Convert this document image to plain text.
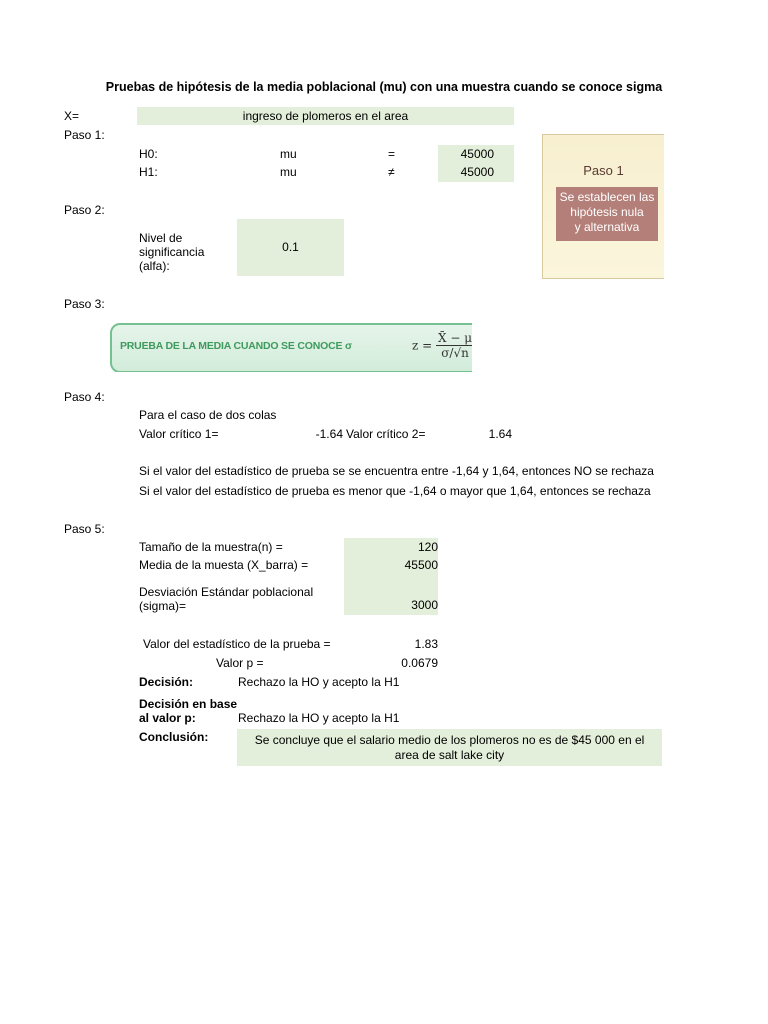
Pruebas de hipótesis de la media poblacional (mu) con una muestra cuando se conoce sigma
X=	ingreso de plomeros en el area
Paso 1:
H0:	mu	=	45000
H1:	mu	≠	45000	Paso 1
Se establecen las
hipótesis nula
y alternativa
Paso 2:
Nivel de
significancia
(alfa):
0.1
Paso 3:
PRUEBA DE LA MEDIA CUANDO SE CONOCE σ	$z = \frac{X̄ - \mu}{\sigma/√n}$
Paso 4:
Para el caso de dos colas
Valor crítico 1=	-1.64 Valor crítico 2=	1.64
Si el valor del estadístico de prueba se se encuentra entre -1,64 y 1,64, entonces NO se rechaza
Si el valor del estadístico de prueba es menor que -1,64 o mayor que 1,64, entonces se rechaza
Paso 5:
Tamaño de la muestra(n) =	120
Media de la muesta (X_barra) =	45500
Desviación Estándar poblacional
(sigma)=	3000
Valor del estadístico de la prueba =	1.83
Valor p =	0.0679
Decisión:	Rechazo la HO y acepto la H1
Decisión en base
al valor p:	Rechazo la HO y acepto la H1
Conclusión:	Se concluye que el salario medio de los plomeros no es de $45 000 en el
area de salt lake city
